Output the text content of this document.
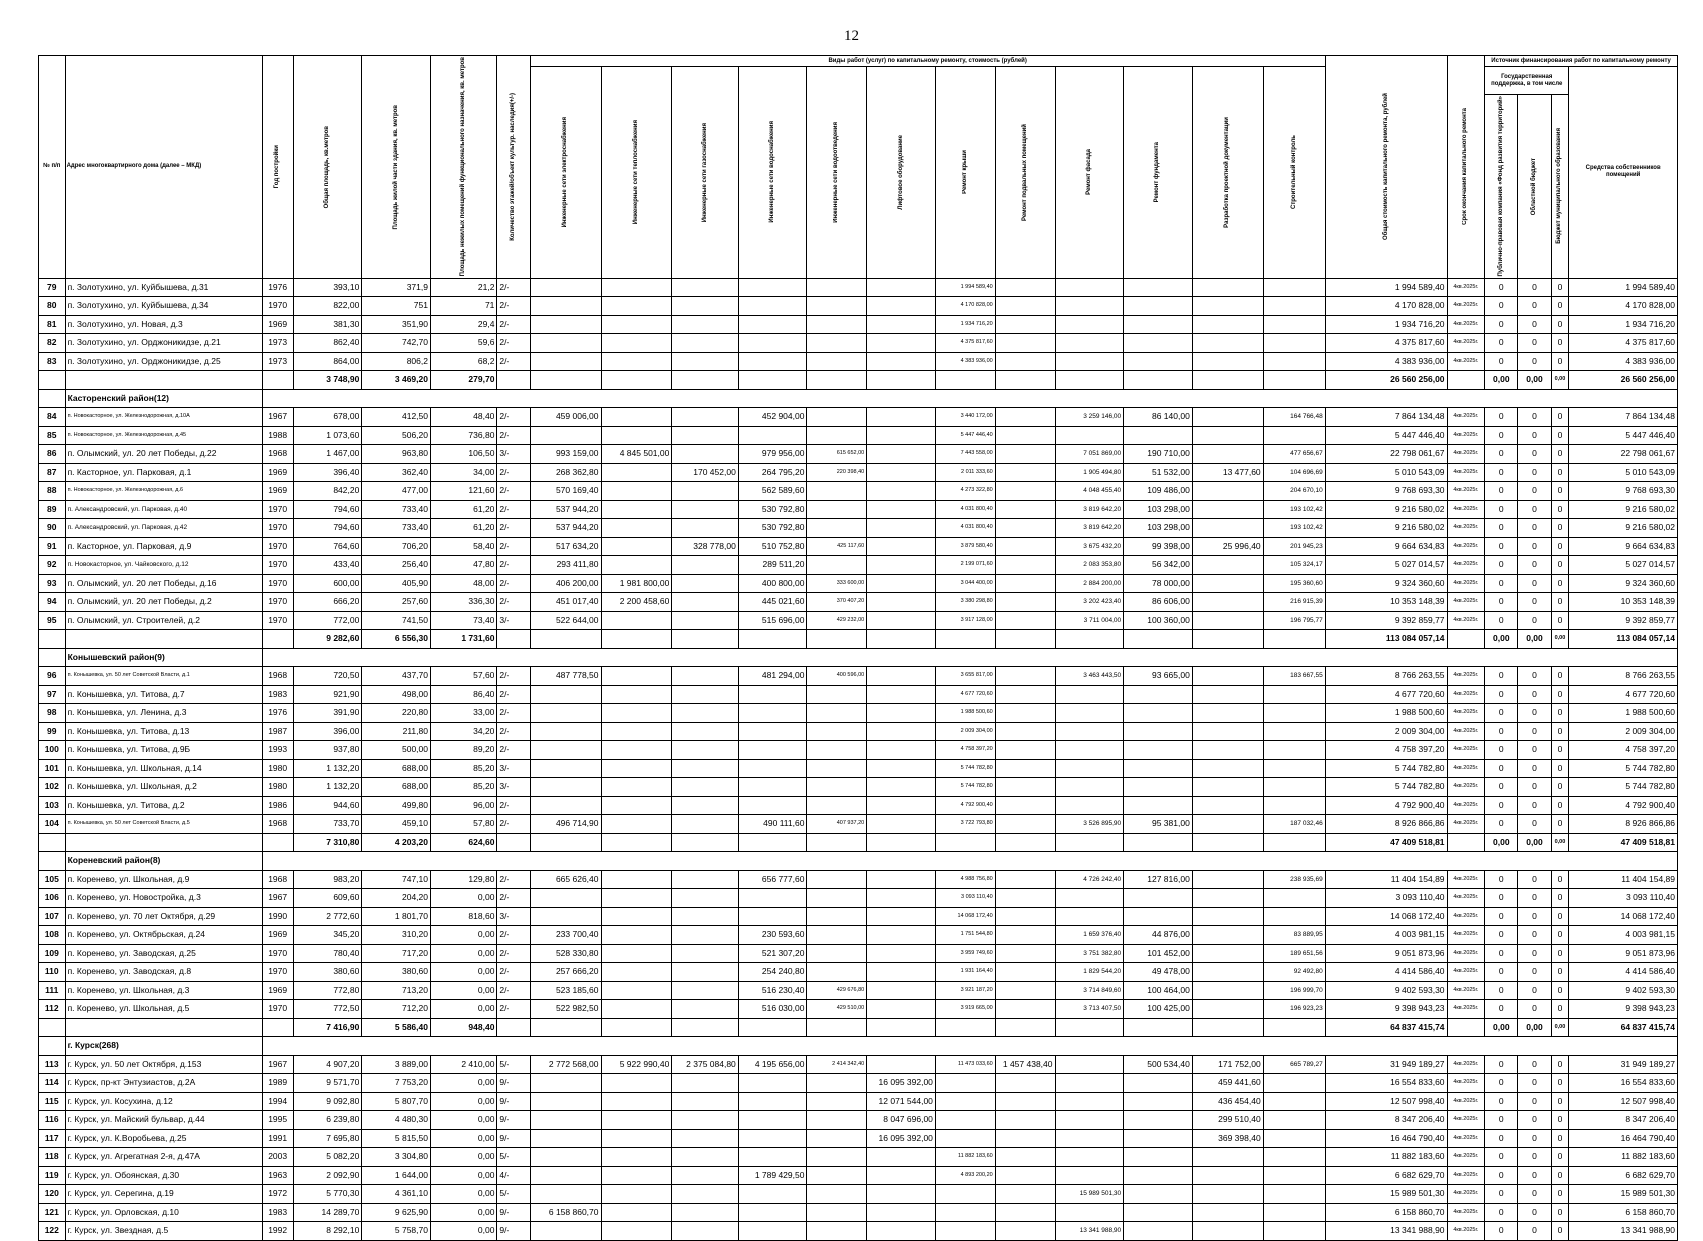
12
№ п/п	Адрес многоквартирного дома (далее – МКД)	Год постройки	Общая площадь, кв.метров	Площадь жилой части здания, кв. метров	Площадь нежилых помещений функционального назначения, кв. метров	Количество этажей/объект культур. наследия(+/-)	Виды работ (услуг) по капитальному ремонту, стоимость (рублей)												Общая стоимость капитального ремонта, рублей	Срок окончания капитального ремонта	Источник финансирования работ по капитальному ремонту			

							Инженерные сети электроснабжения	Инженерные сети теплоснабжения	Инженерные сети газоснабжения	Инженерные сети водоснабжения	Инженерные сети водоотведения	Лифтовое оборудование	Ремонт крыши	Ремонт подвальных помещений	Ремонт фасада	Ремонт фундамента	Разработка проектной документации	Строительный контроль			Государственная поддержка, в том числе			Средства собственников помещений

																					Публично-правовая компания «Фонд развития территорий»	Областной бюджет	Бюджет муниципального образования	

79	п. Золотухино, ул. Куйбышева, д.31	1976	393,10	371,9	21,2	2/-							1 994 589,40						1 994 589,40	4кв.2025г.	0	0	0	1 994 589,40
80	п. Золотухино, ул. Куйбышева, д.34	1970	822,00	751	71	2/-							4 170 828,00						4 170 828,00	4кв.2025г.	0	0	0	4 170 828,00
81	п. Золотухино, ул. Новая, д.3	1969	381,30	351,90	29,4	2/-							1 934 716,20						1 934 716,20	4кв.2025г.	0	0	0	1 934 716,20
82	п. Золотухино, ул. Орджоникидзе, д.21	1973	862,40	742,70	59,6	2/-							4 375 817,60						4 375 817,60	4кв.2025г.	0	0	0	4 375 817,60
83	п. Золотухино, ул. Орджоникидзе, д.25	1973	864,00	806,2	68,2	2/-							4 383 936,00						4 383 936,00	4кв.2025г.	0	0	0	4 383 936,00
			3 748,90	3 469,20	279,70														26 560 256,00		0,00	0,00	0,00	26 560 256,00
	Касторенский район(12)																							
84	п. Новокасторное, ул. Железнодорожная, д.10А	1967	678,00	412,50	48,40	2/-	459 006,00			452 904,00			3 440 172,00		3 259 146,00	86 140,00		164 766,48	7 864 134,48	4кв.2025г.	0	0	0	7 864 134,48
85	п. Новокасторное, ул. Железнодорожная, д.45	1988	1 073,60	506,20	736,80	2/-							5 447 446,40						5 447 446,40	4кв.2025г.	0	0	0	5 447 446,40
86	п. Олымский, ул. 20 лет Победы, д.22	1968	1 467,00	963,80	106,50	3/-	993 159,00	4 845 501,00		979 956,00	615 652,00		7 443 558,00		7 051 869,00	190 710,00		477 656,67	22 798 061,67	4кв.2025г.	0	0	0	22 798 061,67
87	п. Касторное, ул. Парковая, д.1	1969	396,40	362,40	34,00	2/-	268 362,80		170 452,00	264 795,20	220 398,40		2 011 333,60		1 905 494,80	51 532,00	13 477,60	104 696,69	5 010 543,09	4кв.2025г.	0	0	0	5 010 543,09
88	п. Новокасторное, ул. Железнодорожная, д.6	1969	842,20	477,00	121,60	2/-	570 169,40			562 589,60			4 273 322,80		4 048 455,40	109 486,00		204 670,10	9 768 693,30	4кв.2025г.	0	0	0	9 768 693,30
89	п. Александровский, ул. Парковая, д.40	1970	794,60	733,40	61,20	2/-	537 944,20			530 792,80			4 031 800,40		3 819 642,20	103 298,00		193 102,42	9 216 580,02	4кв.2025г.	0	0	0	9 216 580,02
90	п. Александровский, ул. Парковая, д.42	1970	794,60	733,40	61,20	2/-	537 944,20			530 792,80			4 031 800,40		3 819 642,20	103 298,00		193 102,42	9 216 580,02	4кв.2025г.	0	0	0	9 216 580,02
91	п. Касторное, ул. Парковая, д.9	1970	764,60	706,20	58,40	2/-	517 634,20		328 778,00	510 752,80	425 117,60		3 879 580,40		3 675 432,20	99 398,00	25 996,40	201 945,23	9 664 634,83	4кв.2025г.	0	0	0	9 664 634,83
92	п. Новокасторное, ул. Чайковского, д.12	1970	433,40	256,40	47,80	2/-	293 411,80			289 511,20			2 199 071,60		2 083 353,80	56 342,00		105 324,17	5 027 014,57	4кв.2025г.	0	0	0	5 027 014,57
93	п. Олымский, ул. 20 лет Победы, д.16	1970	600,00	405,90	48,00	2/-	406 200,00	1 981 800,00		400 800,00	333 600,00		3 044 400,00		2 884 200,00	78 000,00		195 360,60	9 324 360,60	4кв.2025г.	0	0	0	9 324 360,60
94	п. Олымский, ул. 20 лет Победы, д.2	1970	666,20	257,60	336,30	2/-	451 017,40	2 200 458,60		445 021,60	370 407,20		3 380 298,80		3 202 423,40	86 606,00		216 915,39	10 353 148,39	4кв.2025г.	0	0	0	10 353 148,39
95	п. Олымский, ул. Строителей, д.2	1970	772,00	741,50	73,40	3/-	522 644,00			515 696,00	429 232,00		3 917 128,00		3 711 004,00	100 360,00		196 795,77	9 392 859,77	4кв.2025г.	0	0	0	9 392 859,77
			9 282,60	6 556,30	1 731,60														113 084 057,14		0,00	0,00	0,00	113 084 057,14
	Конышевский район(9)																							
96	п. Конышевка, ул. 50 лет Советской Власти, д.1	1968	720,50	437,70	57,60	2/-	487 778,50			481 294,00	400 596,00		3 655 817,00		3 463 443,50	93 665,00		183 667,55	8 766 263,55	4кв.2025г.	0	0	0	8 766 263,55
97	п. Конышевка, ул. Титова, д.7	1983	921,90	498,00	86,40	2/-							4 677 720,60						4 677 720,60	4кв.2025г.	0	0	0	4 677 720,60
98	п. Конышевка, ул. Ленина, д.3	1976	391,90	220,80	33,00	2/-							1 988 500,60						1 988 500,60	4кв.2025г.	0	0	0	1 988 500,60
99	п. Конышевка, ул. Титова, д.13	1987	396,00	211,80	34,20	2/-							2 009 304,00						2 009 304,00	4кв.2025г.	0	0	0	2 009 304,00
100	п. Конышевка, ул. Титова, д.9Б	1993	937,80	500,00	89,20	2/-							4 758 397,20						4 758 397,20	4кв.2025г.	0	0	0	4 758 397,20
101	п. Конышевка, ул. Школьная, д.14	1980	1 132,20	688,00	85,20	3/-							5 744 782,80						5 744 782,80	4кв.2025г.	0	0	0	5 744 782,80
102	п. Конышевка, ул. Школьная, д.2	1980	1 132,20	688,00	85,20	3/-							5 744 782,80						5 744 782,80	4кв.2025г.	0	0	0	5 744 782,80
103	п. Конышевка, ул. Титова, д.2	1986	944,60	499,80	96,00	2/-							4 792 900,40						4 792 900,40	4кв.2025г.	0	0	0	4 792 900,40
104	п. Конышевка, ул. 50 лет Советской Власти, д.5	1968	733,70	459,10	57,80	2/-	496 714,90			490 111,60	407 937,20		3 722 793,80		3 526 895,90	95 381,00		187 032,46	8 926 866,86	4кв.2025г.	0	0	0	8 926 866,86
			7 310,80	4 203,20	624,60														47 409 518,81		0,00	0,00	0,00	47 409 518,81
	Кореневский район(8)																							
105	п. Коренево, ул. Школьная, д.9	1968	983,20	747,10	129,80	2/-	665 626,40			656 777,60			4 988 756,80		4 726 242,40	127 816,00		238 935,69	11 404 154,89	4кв.2025г.	0	0	0	11 404 154,89
106	п. Коренево, ул. Новостройка, д.3	1967	609,60	204,20	0,00	2/-							3 093 110,40						3 093 110,40	4кв.2025г.	0	0	0	3 093 110,40
107	п. Коренево, ул. 70 лет Октября, д.29	1990	2 772,60	1 801,70	818,60	3/-							14 068 172,40						14 068 172,40	4кв.2025г.	0	0	0	14 068 172,40
108	п. Коренево, ул. Октябрьская, д.24	1969	345,20	310,20	0,00	2/-	233 700,40			230 593,60			1 751 544,80		1 659 376,40	44 876,00		83 889,95	4 003 981,15	4кв.2025г.	0	0	0	4 003 981,15
109	п. Коренево, ул. Заводская, д.25	1970	780,40	717,20	0,00	2/-	528 330,80			521 307,20			3 959 749,60		3 751 382,80	101 452,00		189 651,56	9 051 873,96	4кв.2025г.	0	0	0	9 051 873,96
110	п. Коренево, ул. Заводская, д.8	1970	380,60	380,60	0,00	2/-	257 666,20			254 240,80			1 931 164,40		1 829 544,20	49 478,00		92 492,80	4 414 586,40	4кв.2025г.	0	0	0	4 414 586,40
111	п. Коренево, ул. Школьная, д.3	1969	772,80	713,20	0,00	2/-	523 185,60			516 230,40	429 676,80		3 921 187,20		3 714 849,60	100 464,00		196 999,70	9 402 593,30	4кв.2025г.	0	0	0	9 402 593,30
112	п. Коренево, ул. Школьная, д.5	1970	772,50	712,20	0,00	2/-	522 982,50			516 030,00	429 510,00		3 919 665,00		3 713 407,50	100 425,00		196 923,23	9 398 943,23	4кв.2025г.	0	0	0	9 398 943,23
			7 416,90	5 586,40	948,40														64 837 415,74		0,00	0,00	0,00	64 837 415,74
	г. Курск(268)																							
113	г. Курск, ул. 50 лет Октября, д.153	1967	4 907,20	3 889,00	2 410,00	5/-	2 772 568,00	5 922 990,40	2 375 084,80	4 195 656,00	2 414 342,40		11 473 033,60	1 457 438,40		500 534,40	171 752,00	665 789,27	31 949 189,27	4кв.2025г.	0	0	0	31 949 189,27
114	г. Курск, пр-кт Энтузиастов, д.2А	1989	9 571,70	7 753,20	0,00	9/-						16 095 392,00					459 441,60		16 554 833,60	4кв.2025г.	0	0	0	16 554 833,60
115	г. Курск, ул. Косухина, д.12	1994	9 092,80	5 807,70	0,00	9/-						12 071 544,00					436 454,40		12 507 998,40	4кв.2025г.	0	0	0	12 507 998,40
116	г. Курск, ул. Майский бульвар, д.44	1995	6 239,80	4 480,30	0,00	9/-						8 047 696,00					299 510,40		8 347 206,40	4кв.2025г.	0	0	0	8 347 206,40
117	г. Курск, ул. К.Воробьева, д.25	1991	7 695,80	5 815,50	0,00	9/-						16 095 392,00					369 398,40		16 464 790,40	4кв.2025г.	0	0	0	16 464 790,40
118	г. Курск, ул. Агрегатная 2-я, д.47А	2003	5 082,20	3 304,80	0,00	5/-							11 882 183,60						11 882 183,60	4кв.2025г.	0	0	0	11 882 183,60
119	г. Курск, ул. Обоянская, д.30	1963	2 092,90	1 644,00	0,00	4/-				1 789 429,50			4 893 200,20						6 682 629,70	4кв.2025г.	0	0	0	6 682 629,70
120	г. Курск, ул. Серегина, д.19	1972	5 770,30	4 361,10	0,00	5/-									15 989 501,30				15 989 501,30	4кв.2025г.	0	0	0	15 989 501,30
121	г. Курск, ул. Орловская, д.10	1983	14 289,70	9 625,90	0,00	9/-	6 158 860,70												6 158 860,70	4кв.2025г.	0	0	0	6 158 860,70
122	г. Курск, ул. Звездная, д.5	1992	8 292,10	5 758,70	0,00	9/-									13 341 988,90				13 341 988,90	4кв.2025г.	0	0	0	13 341 988,90
